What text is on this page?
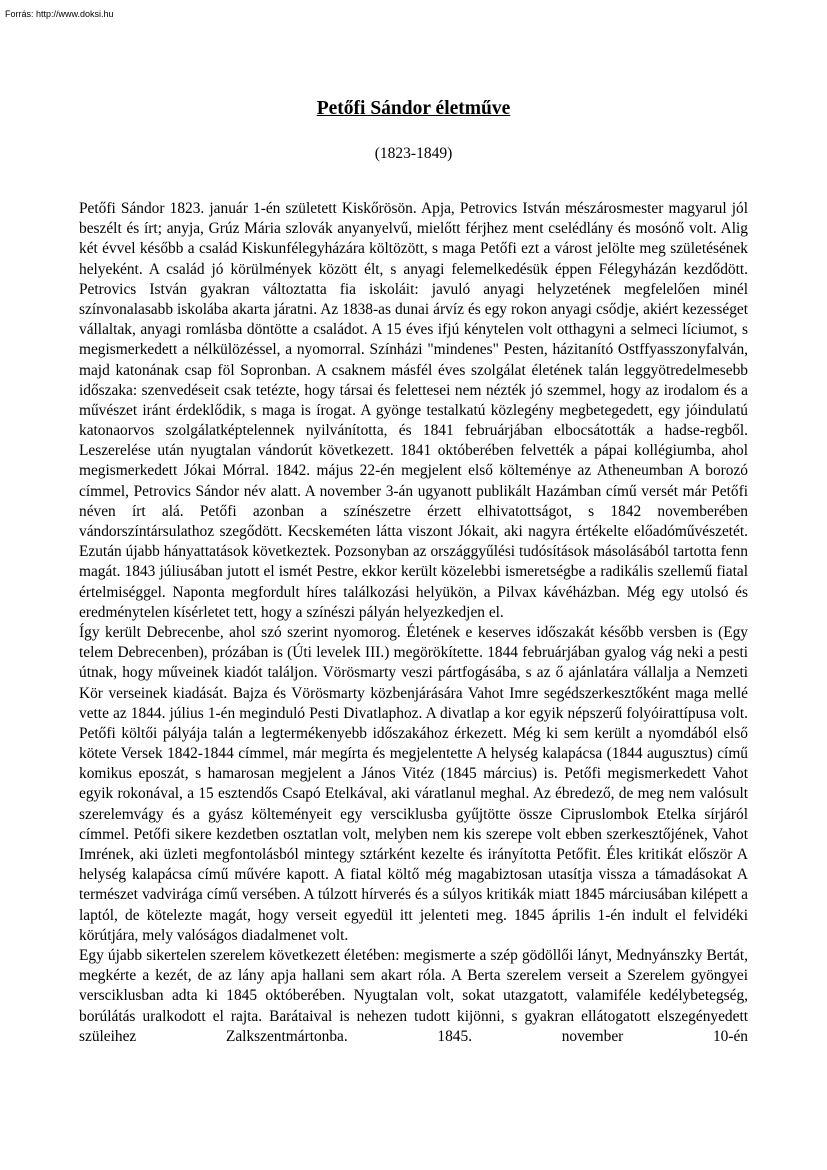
Forrás: http://www.doksi.hu
Petőfi Sándor életműve
(1823-1849)

Petőfi Sándor 1823. január 1-én született Kiskőrösön. Apja, Petrovics István mészárosmester magyarul jól beszélt és írt; anyja, Grúz Mária szlovák anyanyelvű, mielőtt férjhez ment cselédlány és mosónő volt. Alig két évvel később a család Kiskunfélegyházára költözött, s maga Petőfi ezt a várost jelölte meg születésének helyeként. A család jó körülmények között élt, s anyagi felemelkedésük éppen Félegyházán kezdődött. Petrovics István gyakran változtatta fia iskoláit: javuló anyagi helyzetének megfelelően minél színvonalasabb iskolába akarta járatni. Az 1838-as dunai árvíz és egy rokon anyagi csődje, akiért kezességet vállaltak, anyagi romlásba döntötte a családot. A 15 éves ifjú kénytelen volt otthagyni a selmeci líciumot, s megismerkedett a nélkülözéssel, a nyomorral. Színházi "mindenes" Pesten, házitanító Ostffyasszonyfalván, majd katonának csap föl Sopronban. A csaknem másfél éves szolgálat életének talán leggyötredelmesebb időszaka: szenvedéseit csak tetézte, hogy társai és felettesei nem nézték jó szemmel, hogy az irodalom és a művészet iránt érdeklődik, s maga is írogat. A gyönge testalkatú közlegény megbetegedett, egy jóindulatú katonaorvos szolgálatképtelennek nyilvánította, és 1841 februárjában elbocsátották a hadse-regből. Leszerelése után nyugtalan vándorút következett. 1841 októberében felvették a pápai kollégiumba, ahol megismerkedett Jókai Mórral. 1842. május 22-én megjelent első költeménye az Atheneumban A borozó címmel, Petrovics Sándor név alatt. A november 3-án ugyanott publikált Hazámban című versét már Petőfi néven írt alá. Petőfi azonban a színészetre érzett elhivatottságot, s 1842 novemberében vándorszíntársulathoz szegődött. Kecskeméten látta viszont Jókait, aki nagyra értékelte előadóművészetét. Ezután újabb hányattatások következtek. Pozsonyban az országgyűlési tudósítások másolásából tartotta fenn magát. 1843 júliusában jutott el ismét Pestre, ekkor került közelebbi ismeretségbe a radikális szellemű fiatal értelmiséggel. Naponta megfordult híres találkozási helyükön, a Pilvax kávéházban. Még egy utolsó és eredménytelen kísérletet tett, hogy a színészi pályán helyezkedjen el.

Így került Debrecenbe, ahol szó szerint nyomorog. Életének e keserves időszakát később versben is (Egy telem Debrecenben), prózában is (Úti levelek III.) megörökítette. 1844 februárjában gyalog vág neki a pesti útnak, hogy műveinek kiadót találjon. Vörösmarty veszi pártfogásába, s az ő ajánlatára vállalja a Nemzeti Kör verseinek kiadását. Bajza és Vörösmarty közbenjárására Vahot Imre segédszerkesztőként maga mellé vette az 1844. július 1-én meginduló Pesti Divatlaphoz. A divatlap a kor egyik népszerű folyóirattípusa volt. Petőfi költői pályája talán a legtermékenyebb időszakához érkezett. Még ki sem került a nyomdából első kötete Versek 1842-1844 címmel, már megírta és megjelentette A helység kalapácsa (1844 augusztus) című komikus eposzát, s hamarosan megjelent a János Vitéz (1845 március) is. Petőfi megismerkedett Vahot egyik rokonával, a 15 esztendős Csapó Etelkával, aki váratlanul meghal. Az ébredező, de meg nem valósult szerelemvágy és a gyász költeményeit egy versciklusba gyűjtötte össze Cipruslombok Etelka sírjáról címmel. Petőfi sikere kezdetben osztatlan volt, melyben nem kis szerepe volt ebben szerkesztőjének, Vahot Imrének, aki üzleti megfontolásból mintegy sztárként kezelte és irányította Petőfit. Éles kritikát először A helység kalapácsa című művére kapott. A fiatal költő még magabiztosan utasítja vissza a támadásokat A természet vadvirága című versében. A túlzott hírverés és a súlyos kritikák miatt 1845 márciusában kilépett a laptól, de kötelezte magát, hogy verseit egyedül itt jelenteti meg. 1845 április 1-én indult el felvidéki körútjára, mely valóságos diadalmenet volt.

Egy újabb sikertelen szerelem következett életében: megismerte a szép gödöllői lányt, Mednyánszky Bertát, megkérte a kezét, de az lány apja hallani sem akart róla. A Berta szerelem verseit a Szerelem gyöngyei versciklusban adta ki 1845 októberében. Nyugtalan volt, sokat utazgatott, valamiféle kedélybetegség, borúlátás uralkodott el rajta. Barátaival is nehezen tudott kijönni, s gyakran ellátogatott elszegényedett szüleihez Zalkszentmártonba. 1845. november 10-én
